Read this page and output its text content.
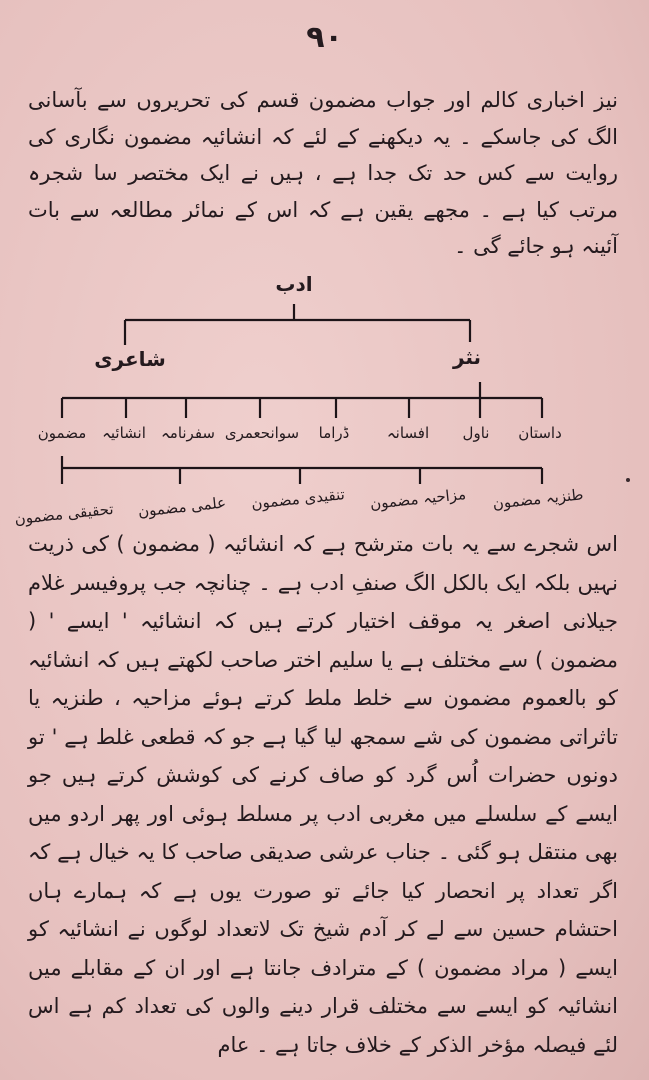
۹۰

نیز اخباری کالم اور جواب مضمون قسم کی تحریروں سے بآسانی الگ کی جاسکے ۔ یہ دیکھنے کے لئے کہ انشائیہ مضمون نگاری کی روایت سے کس حد تک جدا ہے ، ہیں نے ایک مختصر سا شجرہ مرتب کیا ہے ۔ مجھے یقین ہے کہ اس کے نمائر مطالعہ سے بات آئینہ ہو جائے گی ۔

ادب
شاعری	نثر
داستان
ناول
افسانہ
ڈراما
سوانحعمری
سفرنامہ
انشائیہ
مضمون
طنزیہ مضمون
مزاحیہ مضمون
تنقیدی مضمون
علمی مضمون
تحقیقی مضمون

اس شجرے سے یہ بات مترشح ہے کہ انشائیہ ( مضمون ) کی ذریت نہیں بلکہ ایک بالکل الگ صنفِ ادب ہے ۔ چنانچہ جب پروفیسر غلام جیلانی اصغر یہ موقف اختیار کرتے ہیں کہ انشائیہ ' ایسے ' ( مضمون ) سے مختلف ہے یا سلیم اختر صاحب لکھتے ہیں کہ انشائیہ کو بالعموم مضمون سے خلط ملط کرتے ہوئے مزاحیہ ، طنزیہ یا تاثراتی مضمون کی شے سمجھ لیا گیا ہے جو کہ قطعی غلط ہے ' تو دونوں حضرات اُس گرد کو صاف کرنے کی کوشش کرتے ہیں جو ایسے کے سلسلے میں مغربی ادب پر مسلط ہوئی اور پھر اردو میں بھی منتقل ہو گئی ۔ جناب عرشی صدیقی صاحب کا یہ خیال ہے کہ اگر تعداد پر انحصار کیا جائے تو صورت یوں ہے کہ ہمارے ہاں احتشام حسین سے لے کر آدم شیخ تک لاتعداد لوگوں نے انشائیہ کو ایسے ( مراد مضمون ) کے مترادف جانتا ہے اور ان کے مقابلے میں انشائیہ کو ایسے سے مختلف قرار دینے والوں کی تعداد کم ہے اس لئے فیصلہ مؤخر الذکر کے خلاف جاتا ہے ۔ عام
